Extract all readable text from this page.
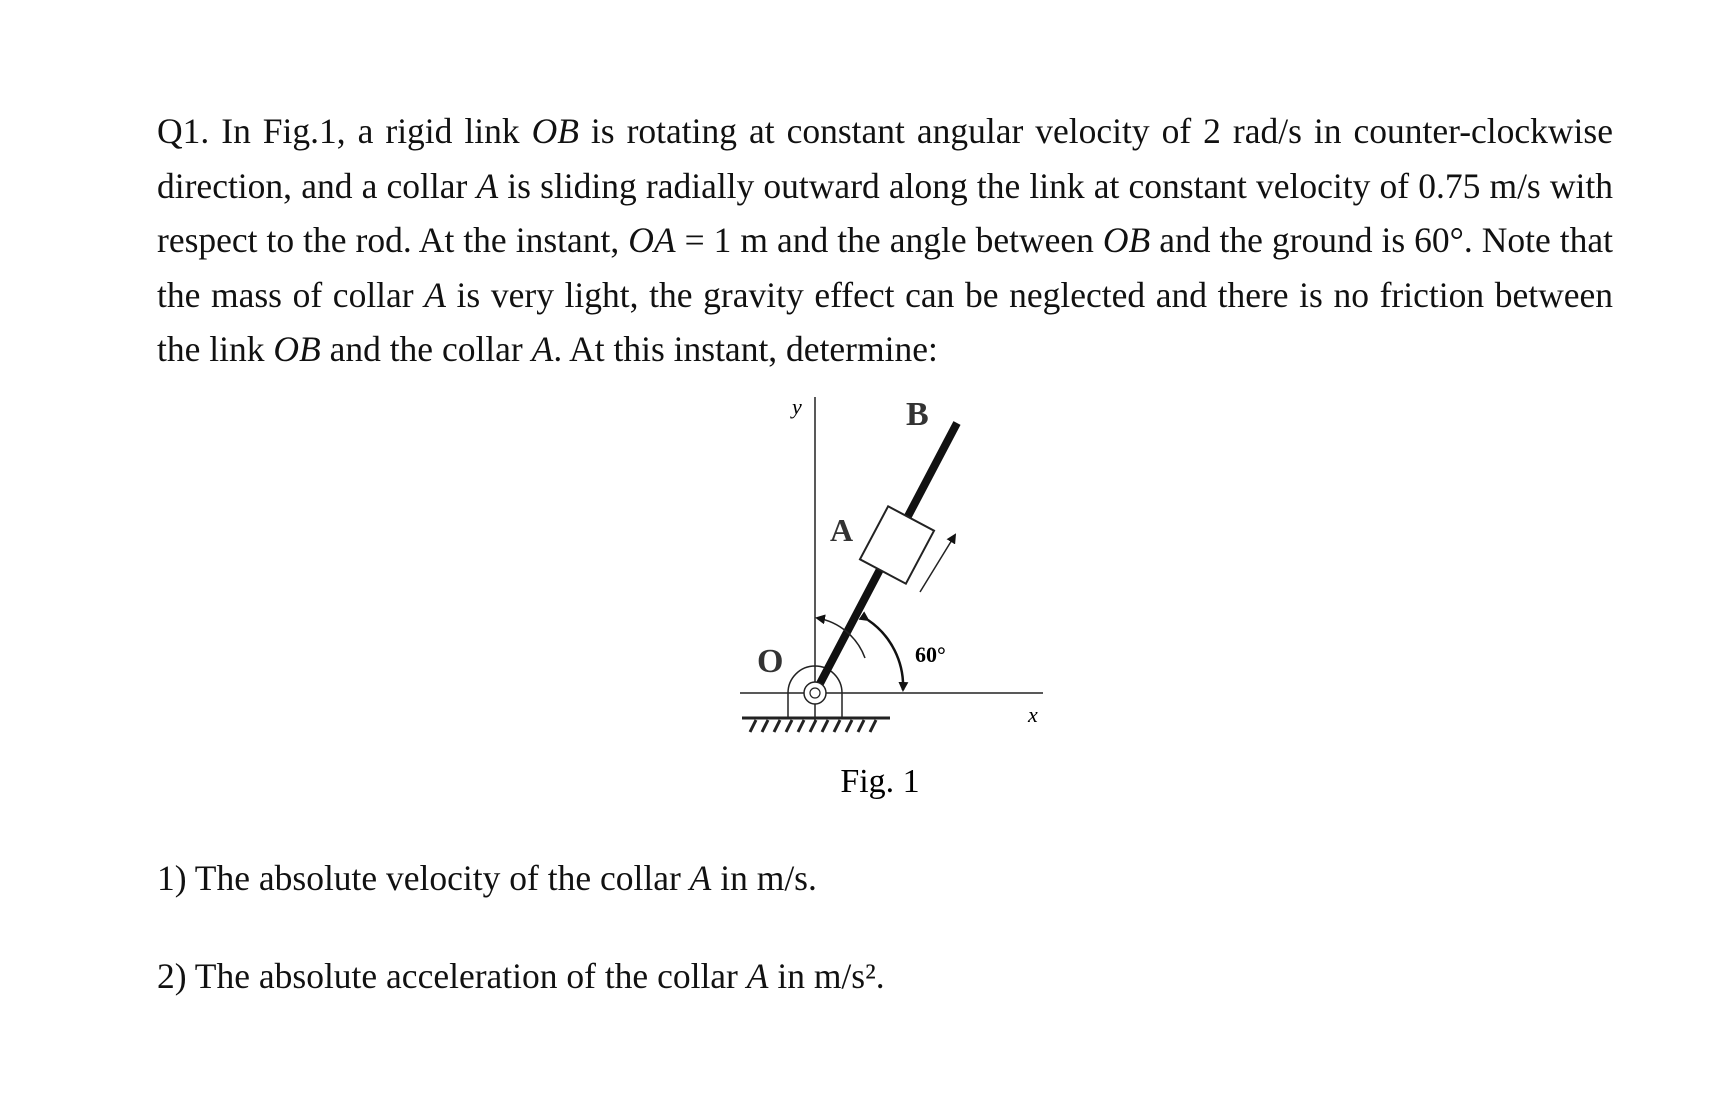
Q1. In Fig.1, a rigid link OB is rotating at constant angular velocity of 2 rad/s in counter-clockwise direction, and a collar A is sliding radially outward along the link at constant velocity of 0.75 m/s with respect to the rod. At the instant, OA = 1 m and the angle between OB and the ground is 60°. Note that the mass of collar A is very light, the gravity effect can be neglected and there is no friction between the link OB and the collar A. At this instant, determine:
y
x
B
A
O	60°
Fig. 1
1) The absolute velocity of the collar A in m/s.
2) The absolute acceleration of the collar A in m/s².
